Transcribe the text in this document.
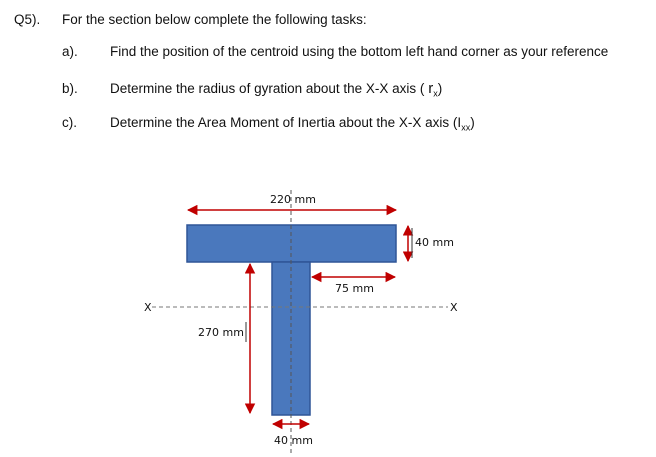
Q5). For the section below complete the following tasks:
a). Find the position of the centroid using the bottom left hand corner as your reference
b). Determine the radius of gyration about the X-X axis ( $r_x$)
c). Determine the Area Moment of Inertia about the X-X axis $(I_{xx})$
X	X
220 mm
40 mm
75 mm
270 mm
40 mm
